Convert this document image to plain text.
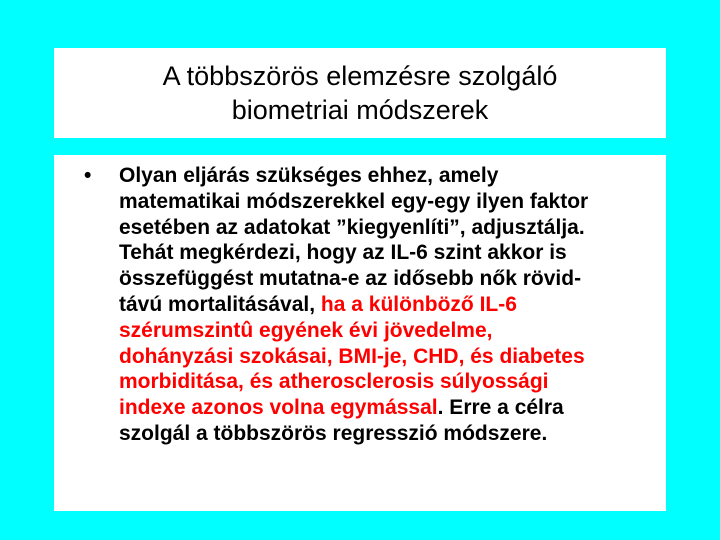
A többszörös elemzésre szolgáló
biometriai módszerek
• Olyan eljárás szükséges ehhez, amely
matematikai módszerekkel egy-egy ilyen faktor
esetében az adatokat ”kiegyenlíti”, adjusztálja.
Tehát megkérdezi, hogy az IL-6 szint akkor is
összefüggést mutatna-e az idősebb nők rövid-
távú mortalitásával, ha a különböző IL-6
szérumszintû egyének évi jövedelme,
dohányzási szokásai, BMI-je, CHD, és diabetes
morbiditása, és atherosclerosis súlyossági
indexe azonos volna egymással. Erre a célra
szolgál a többszörös regresszió módszere.
